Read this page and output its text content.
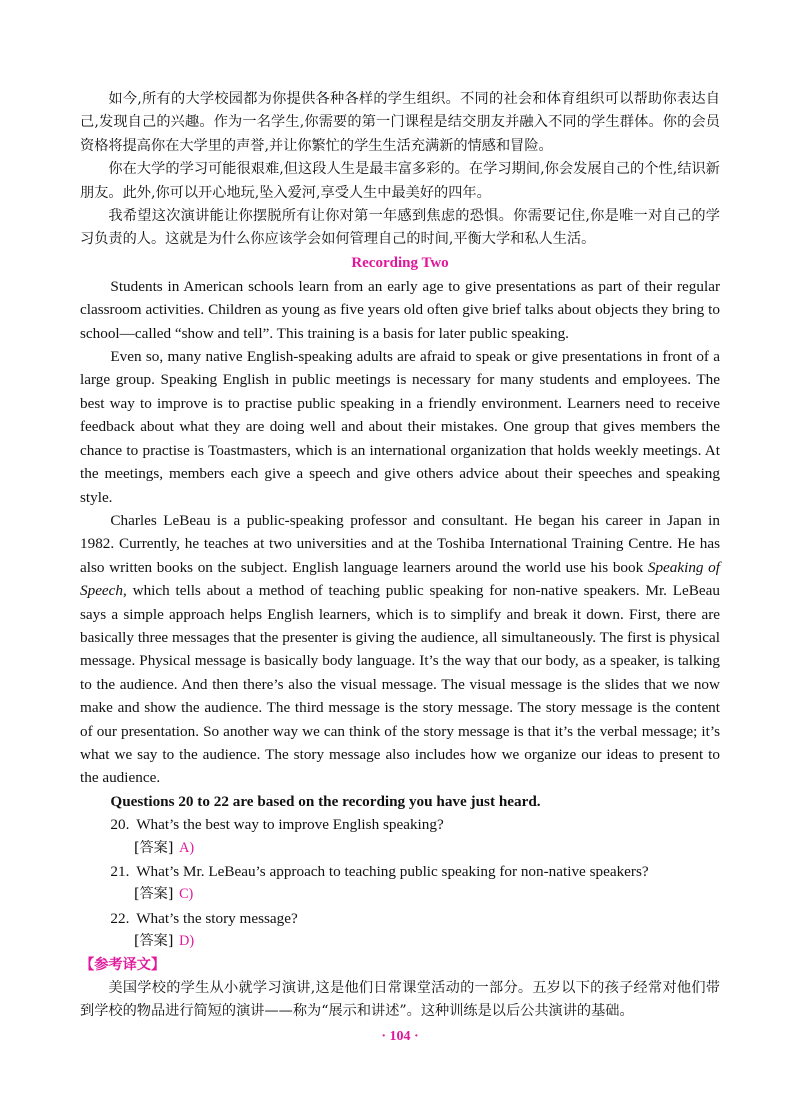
如今,所有的大学校园都为你提供各种各样的学生组织。不同的社会和体育组织可以帮助你表达自己,发现自己的兴趣。作为一名学生,你需要的第一门课程是结交朋友并融入不同的学生群体。你的会员资格将提高你在大学里的声誉,并让你繁忙的学生生活充满新的情感和冒险。

你在大学的学习可能很艰难,但这段人生是最丰富多彩的。在学习期间,你会发展自己的个性,结识新朋友。此外,你可以开心地玩,坠入爱河,享受人生中最美好的四年。

我希望这次演讲能让你摆脱所有让你对第一年感到焦虑的恐惧。你需要记住,你是唯一对自己的学习负责的人。这就是为什么你应该学会如何管理自己的时间,平衡大学和私人生活。

Recording Two

Students in American schools learn from an early age to give presentations as part of their regular classroom activities. Children as young as five years old often give brief talks about objects they bring to school—called “show and tell”. This training is a basis for later public speaking.

Even so, many native English-speaking adults are afraid to speak or give presentations in front of a large group. Speaking English in public meetings is necessary for many students and employees. The best way to improve is to practise public speaking in a friendly environment. Learners need to receive feedback about what they are doing well and about their mistakes. One group that gives members the chance to practise is Toastmasters, which is an international organization that holds weekly meetings. At the meetings, members each give a speech and give others advice about their speeches and speaking style.

Charles LeBeau is a public-speaking professor and consultant. He began his career in Japan in 1982. Currently, he teaches at two universities and at the Toshiba International Training Centre. He has also written books on the subject. English language learners around the world use his book Speaking of Speech, which tells about a method of teaching public speaking for non-native speakers. Mr. LeBeau says a simple approach helps English learners, which is to simplify and break it down. First, there are basically three messages that the presenter is giving the audience, all simultaneously. The first is physical message. Physical message is basically body language. It’s the way that our body, as a speaker, is talking to the audience. And then there’s also the visual message. The visual message is the slides that we now make and show the audience. The third message is the story message. The story message is the content of our presentation. So another way we can think of the story message is that it’s the verbal message; it’s what we say to the audience. The story message also includes how we organize our ideas to present to the audience.

Questions 20 to 22 are based on the recording you have just heard.

20. What’s the best way to improve English speaking?
[答案] A)
21. What’s Mr. LeBeau’s approach to teaching public speaking for non-native speakers?
[答案] C)
22. What’s the story message?
[答案] D)

【参考译文】

美国学校的学生从小就学习演讲,这是他们日常课堂活动的一部分。五岁以下的孩子经常对他们带到学校的物品进行简短的演讲——称为“展示和讲述”。这种训练是以后公共演讲的基础。

· 104 ·
